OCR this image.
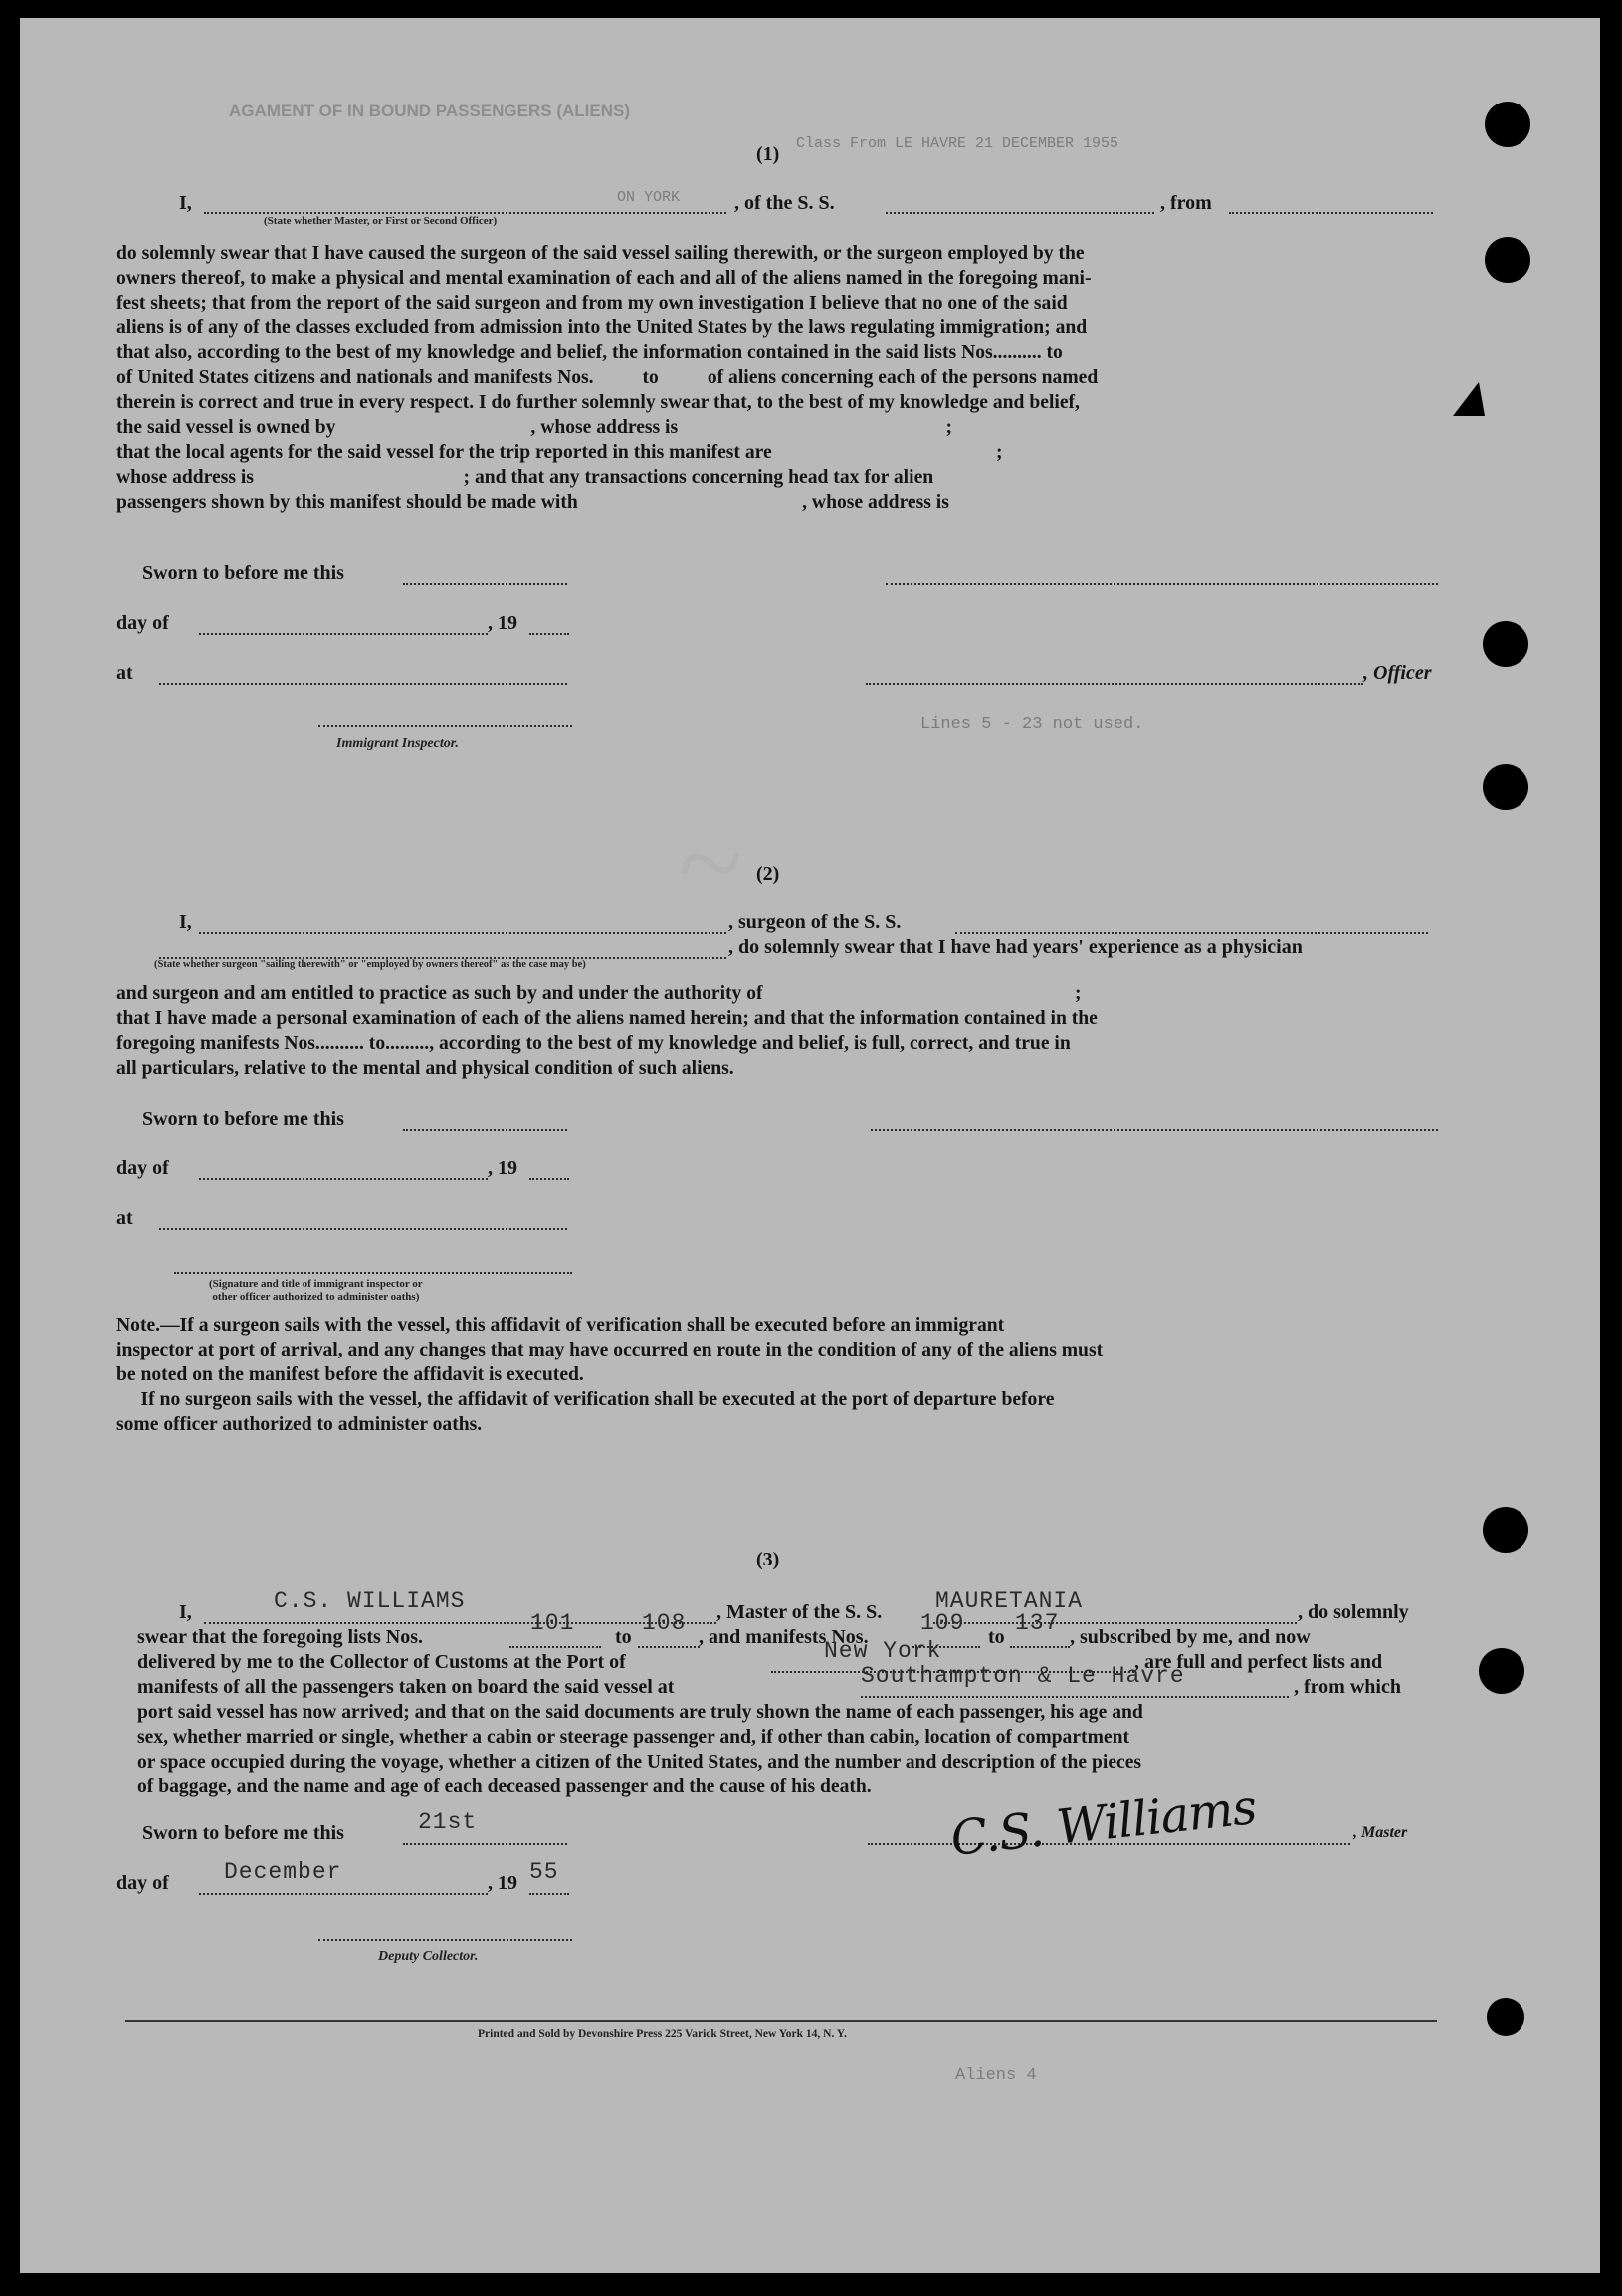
AGAMENT OF IN BOUND PASSENGERS (ALIENS)
Class From LE HAVRE 21 DECEMBER 1955
ON YORK
Lines 5 - 23 not used.
Aliens 4
~
(1)
I,	, of the S. S.	, from
(State whether Master, or First or Second Officer)
do solemnly swear that I have caused the surgeon of the said vessel sailing therewith, or the surgeon employed by the
owners thereof, to make a physical and mental examination of each and all of the aliens named in the foregoing mani-
fest sheets; that from the report of the said surgeon and from my own investigation I believe that no one of the said
aliens is of any of the classes excluded from admission into the United States by the laws regulating immigration; and
that also, according to the best of my knowledge and belief, the information contained in the said lists Nos.......... to
of United States citizens and nationals and manifests Nos.          to          of aliens concerning each of the persons named
therein is correct and true in every respect. I do further solemnly swear that, to the best of my knowledge and belief,
the said vessel is owned by                                        , whose address is                                                       ;
that the local agents for the said vessel for the trip reported in this manifest are                                              ;
whose address is                                           ; and that any transactions concerning head tax for alien
passengers shown by this manifest should be made with                                              , whose address is
Sworn to before me this
day of	, 19
at	, Officer
Immigrant Inspector.
(2)
I,	, surgeon of the S. S.
, do solemnly swear that I have had years' experience as a physician
(State whether surgeon "sailing therewith" or "employed by owners thereof" as the case may be)
and surgeon and am entitled to practice as such by and under the authority of                                                                ;
that I have made a personal examination of each of the aliens named herein; and that the information contained in the
foregoing manifests Nos.......... to........., according to the best of my knowledge and belief, is full, correct, and true in
all particulars, relative to the mental and physical condition of such aliens.
Sworn to before me this
day of	, 19
at
(Signature and title of immigrant inspector or
other officer authorized to administer oaths)
Note.—If a surgeon sails with the vessel, this affidavit of verification shall be executed before an immigrant
inspector at port of arrival, and any changes that may have occurred en route in the condition of any of the aliens must
be noted on the manifest before the affidavit is executed.
If no surgeon sails with the vessel, the affidavit of verification shall be executed at the port of departure before
some officer authorized to administer oaths.
(3)
I,	C.S. WILLIAMS	, Master of the S. S. MAURETANIA	, do solemnly
swear that the foregoing lists Nos.
101
to
108
, and manifests Nos.
109
to
137
, subscribed by me, and now
delivered by me to the Collector of Customs at the Port of	New York	, are full and perfect lists and
manifests of all the passengers taken on board the said vessel at	Southampton & Le Havre	, from which
port said vessel has now arrived; and that on the said documents are truly shown the name of each passenger, his age and
sex, whether married or single, whether a cabin or steerage passenger and, if other than cabin, location of compartment
or space occupied during the voyage, whether a citizen of the United States, and the number and description of the pieces
of baggage, and the name and age of each deceased passenger and the cause of his death.
Sworn to before me this	21st	C.S. Williams	, Master
day of December	, 19 55
Deputy Collector.
Printed and Sold by Devonshire Press 225 Varick Street, New York 14, N. Y.
